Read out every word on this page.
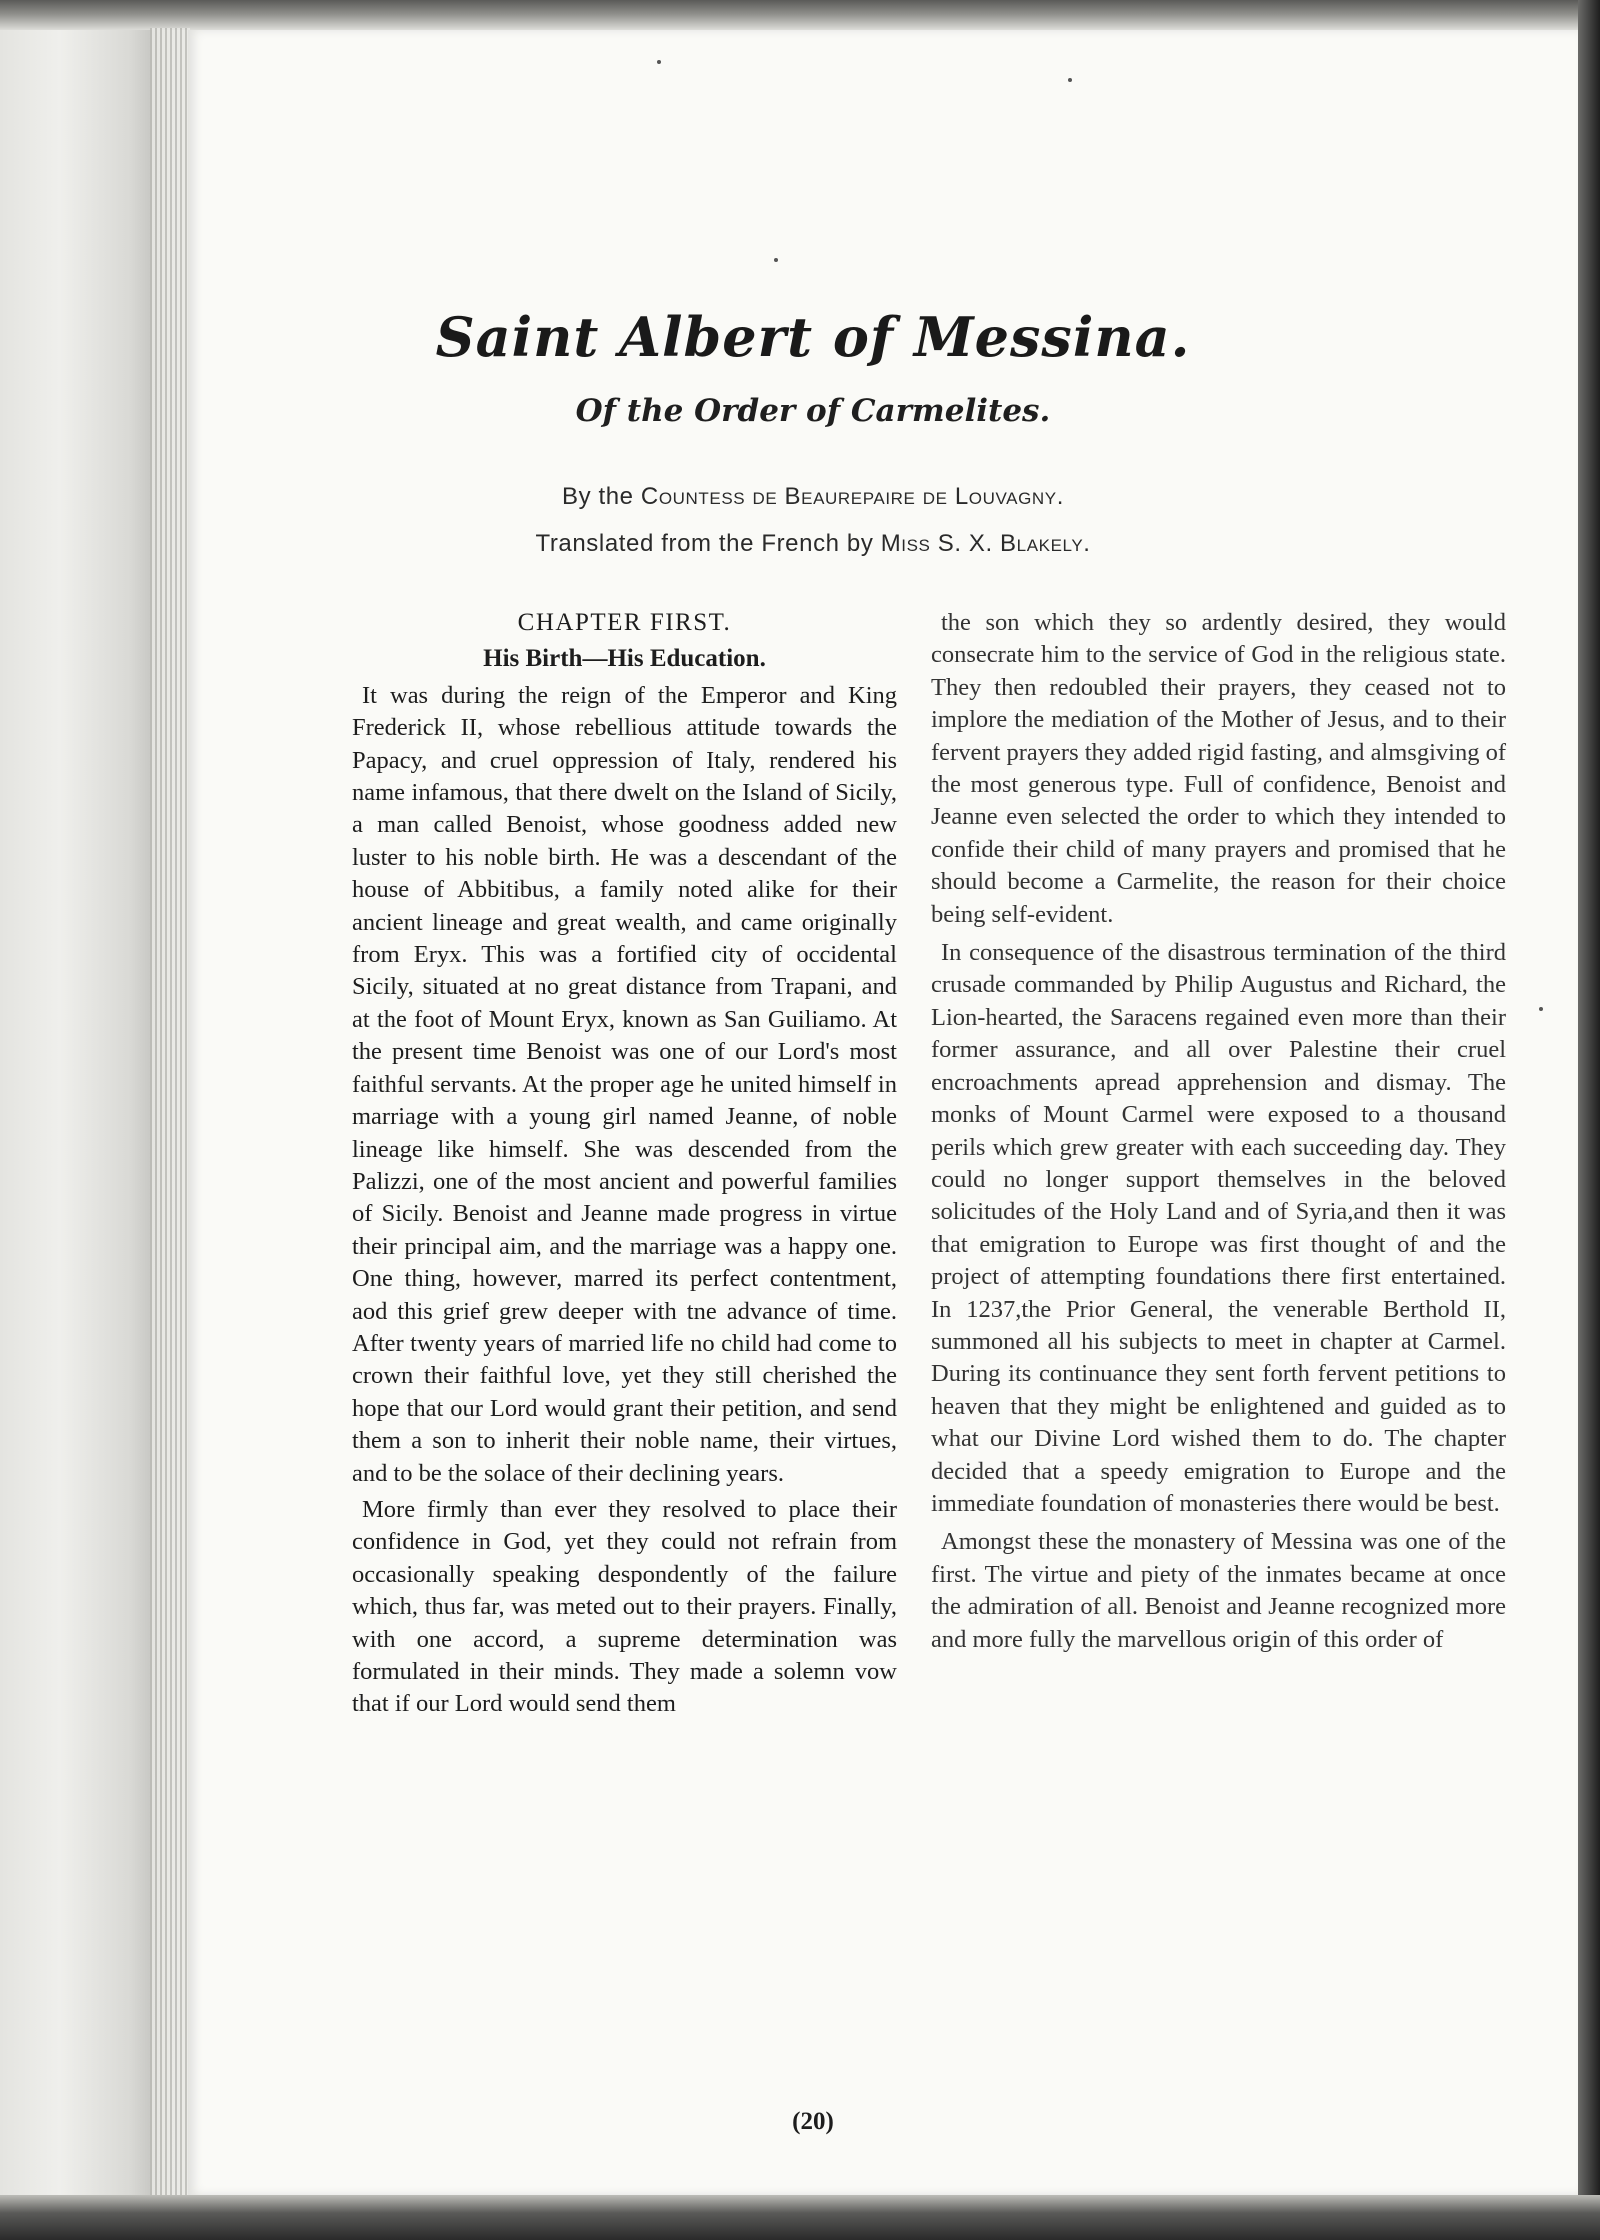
Saint Albert of Messina.
Of the Order of Carmelites.

By the Countess de Beaurepaire de Louvagny.

Translated from the French by Miss S. X. Blakely.

CHAPTER FIRST.
His Birth—His Education.

It was during the reign of the Emperor and King Frederick II, whose rebellious attitude towards the Papacy, and cruel oppression of Italy, rendered his name infamous, that there dwelt on the Island of Sicily, a man called Benoist, whose goodness added new luster to his noble birth. He was a descendant of the house of Abbitibus, a family noted alike for their ancient lineage and great wealth, and came originally from Eryx. This was a fortified city of occidental Sicily, situated at no great distance from Trapani, and at the foot of Mount Eryx, known as San Guiliamo. At the present time Benoist was one of our Lord's most faithful servants. At the proper age he united himself in marriage with a young girl named Jeanne, of noble lineage like himself. She was descended from the Palizzi, one of the most ancient and powerful families of Sicily. Benoist and Jeanne made progress in virtue their principal aim, and the marriage was a happy one. One thing, however, marred its perfect contentment, aod this grief grew deeper with tne advance of time. After twenty years of married life no child had come to crown their faithful love, yet they still cherished the hope that our Lord would grant their petition, and send them a son to inherit their noble name, their virtues, and to be the solace of their declining years.

More firmly than ever they resolved to place their confidence in God, yet they could not refrain from occasionally speaking despondently of the failure which, thus far, was meted out to their prayers. Finally, with one accord, a supreme determination was formulated in their minds. They made a solemn vow that if our Lord would send them

the son which they so ardently desired, they would consecrate him to the service of God in the religious state. They then redoubled their prayers, they ceased not to implore the mediation of the Mother of Jesus, and to their fervent prayers they added rigid fasting, and almsgiving of the most generous type. Full of confidence, Benoist and Jeanne even selected the order to which they intended to confide their child of many prayers and promised that he should become a Carmelite, the reason for their choice being self-evident.

In consequence of the disastrous termination of the third crusade commanded by Philip Augustus and Richard, the Lion-hearted, the Saracens regained even more than their former assurance, and all over Palestine their cruel encroachments apread apprehension and dismay. The monks of Mount Carmel were exposed to a thousand perils which grew greater with each succeeding day. They could no longer support themselves in the beloved solicitudes of the Holy Land and of Syria,and then it was that emigration to Europe was first thought of and the project of attempting foundations there first entertained. In 1237,the Prior General, the venerable Berthold II, summoned all his subjects to meet in chapter at Carmel. During its continuance they sent forth fervent petitions to heaven that they might be enlightened and guided as to what our Divine Lord wished them to do. The chapter decided that a speedy emigration to Europe and the immediate foundation of monasteries there would be best.

Amongst these the monastery of Messina was one of the first. The virtue and piety of the inmates became at once the admiration of all. Benoist and Jeanne recognized more and more fully the marvellous origin of this order of

(20)
